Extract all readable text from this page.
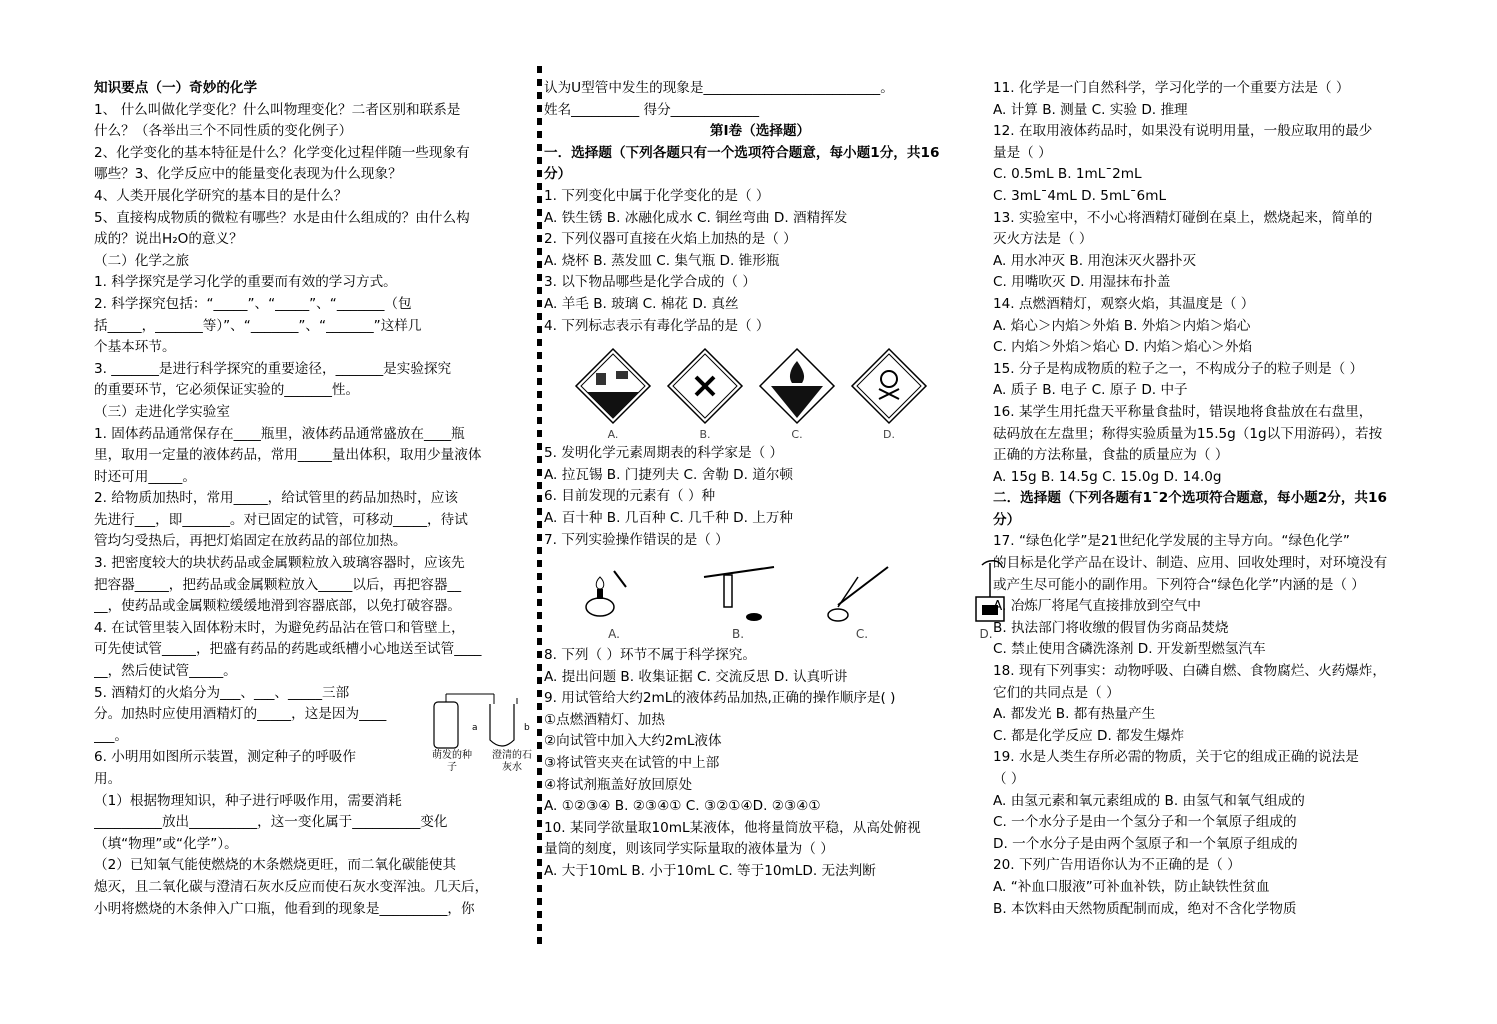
知识要点（一）奇妙的化学
1、 什么叫做化学变化？什么叫物理变化？二者区别和联系是
什么？（各举出三个不同性质的变化例子）
2、化学变化的基本特征是什么？化学变化过程伴随一些现象有
哪些？3、化学反应中的能量变化表现为什么现象？
4、人类开展化学研究的基本目的是什么？
5、直接构成物质的微粒有哪些？水是由什么组成的？由什么构
成的？说出H₂O的意义？
（二）化学之旅
1. 科学探究是学习化学的重要而有效的学习方式。
2. 科学探究包括：“_____”、“_____”、“_______（包
括_____，_______等）”、“_______”、“_______”这样几
个基本环节。
3. _______是进行科学探究的重要途径，_______是实验探究
的重要环节，它必须保证实验的_______性。
（三）走进化学实验室
1. 固体药品通常保存在____瓶里，液体药品通常盛放在____瓶
里，取用一定量的液体药品，常用_____量出体积，取用少量液体
时还可用_____。
2. 给物质加热时，常用_____，给试管里的药品加热时，应该
先进行___，即_______。对已固定的试管，可移动_____，待试
管均匀受热后，再把灯焰固定在放药品的部位加热。
3. 把密度较大的块状药品或金属颗粒放入玻璃容器时，应该先
把容器_____，把药品或金属颗粒放入_____以后，再把容器__
__，使药品或金属颗粒缓缓地滑到容器底部，以免打破容器。
4. 在试管里装入固体粉末时，为避免药品沾在管口和管壁上，
可先使试管_____，把盛有药品的药匙或纸槽小心地送至试管____
__，然后使试管_____。
5. 酒精灯的火焰分为___、___、_____三部
分。加热时应使用酒精灯的_____，这是因为____
___。
6. 小明用如图所示装置，测定种子的呼吸作
用。
（1）根据物理知识，种子进行呼吸作用，需要消耗
__________放出__________，这一变化属于__________变化
（填“物理”或“化学”）。
（2）已知氧气能使燃烧的木条燃烧更旺，而二氧化碳能使其
熄灭，且二氧化碳与澄清石灰水反应而使石灰水变浑浊。几天后，
小明将燃烧的木条伸入广口瓶，他看到的现象是__________，你
认为U型管中发生的现象是__________________________。
姓名__________ 得分_____________
第Ⅰ卷（选择题）
一．选择题（下列各题只有一个选项符合题意，每小题1分，共16
分）
1. 下列变化中属于化学变化的是（ ）
A. 铁生锈 B. 冰融化成水 C. 铜丝弯曲 D. 酒精挥发
2. 下列仪器可直接在火焰上加热的是（ ）
A. 烧杯 B. 蒸发皿 C. 集气瓶 D. 锥形瓶
3. 以下物品哪些是化学合成的（ ）
A. 羊毛 B. 玻璃 C. 棉花 D. 真丝
4. 下列标志表示有毒化学品的是（ ）
A.	B.	C.	D.
5. 发明化学元素周期表的科学家是（ ）
A. 拉瓦锡 B. 门捷列夫 C. 舍勒 D. 道尔顿
6. 目前发现的元素有（ ）种
A. 百十种 B. 几百种 C. 几千种 D. 上万种
7. 下列实验操作错误的是（ ）
A.	B.	C.	D.
8. 下列（ ）环节不属于科学探究。
A. 提出问题 B. 收集证据 C. 交流反思 D. 认真听讲
9. 用试管给大约2mL的液体药品加热,正确的操作顺序是( )
①点燃酒精灯、加热
②向试管中加入大约2mL液体
③将试管夹夹在试管的中上部
④将试剂瓶盖好放回原处
A. ①②③④ B. ②③④① C. ③②①④D. ②③④①
10. 某同学欲量取10mL某液体，他将量筒放平稳，从高处俯视
量筒的刻度，则该同学实际量取的液体量为（ ）
A. 大于10mL B. 小于10mL C. 等于10mLD. 无法判断
11. 化学是一门自然科学，学习化学的一个重要方法是（ ）
A. 计算 B. 测量 C. 实验 D. 推理
12. 在取用液体药品时，如果没有说明用量，一般应取用的最少
量是（ ）
C. 0.5mL B. 1mL¯2mL
C. 3mL¯4mL D. 5mL¯6mL
13. 实验室中，不小心将酒精灯碰倒在桌上，燃烧起来，简单的
灭火方法是（ ）
A. 用水冲灭 B. 用泡沫灭火器扑灭
C. 用嘴吹灭 D. 用湿抹布扑盖
14. 点燃酒精灯，观察火焰，其温度是（ ）
A. 焰心＞内焰＞外焰 B. 外焰＞内焰＞焰心
C. 内焰＞外焰＞焰心 D. 内焰＞焰心＞外焰
15. 分子是构成物质的粒子之一，不构成分子的粒子则是（ ）
A. 质子 B. 电子 C. 原子 D. 中子
16. 某学生用托盘天平称量食盐时，错误地将食盐放在右盘里，
砝码放在左盘里；称得实验质量为15.5g（1g以下用游码），若按
正确的方法称量，食盐的质量应为（ ）
A. 15g B. 14.5g C. 15.0g D. 14.0g
二．选择题（下列各题有1¯2个选项符合题意，每小题2分，共16
分）
17. “绿色化学”是21世纪化学发展的主导方向。“绿色化学”
的目标是化学产品在设计、制造、应用、回收处理时，对环境没有
或产生尽可能小的副作用。下列符合“绿色化学”内涵的是（ ）
A. 冶炼厂将尾气直接排放到空气中
B. 执法部门将收缴的假冒伪劣商品焚烧
C. 禁止使用含磷洗涤剂 D. 开发新型燃氢汽车
18. 现有下列事实：动物呼吸、白磷自燃、食物腐烂、火药爆炸，
它们的共同点是（ ）
A. 都发光 B. 都有热量产生
C. 都是化学反应 D. 都发生爆炸
19. 水是人类生存所必需的物质，关于它的组成正确的说法是
（ ）
A. 由氢元素和氧元素组成的 B. 由氢气和氧气组成的
C. 一个水分子是由一个氢分子和一个氧原子组成的
D. 一个水分子是由两个氢原子和一个氧原子组成的
20. 下列广告用语你认为不正确的是（ ）
A. “补血口服液”可补血补铁，防止缺铁性贫血
B. 本饮料由天然物质配制而成，绝对不含化学物质
a	b
萌发的种子
澄清的石灰水
